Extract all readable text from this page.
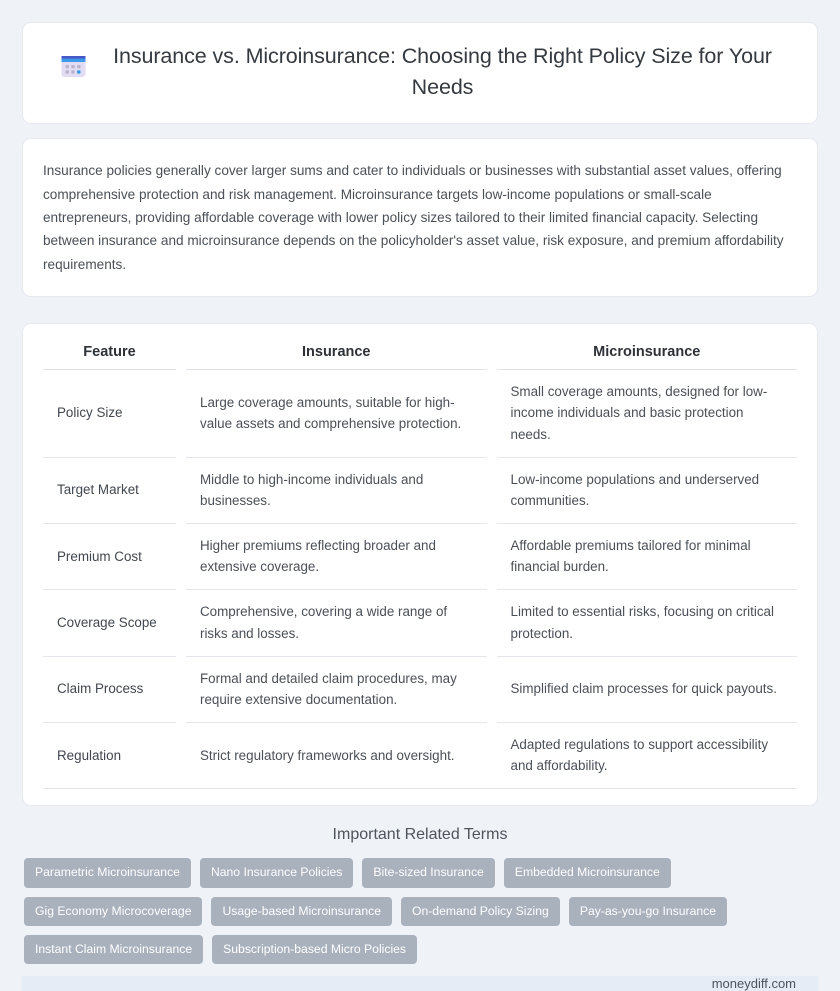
Insurance vs. Microinsurance: Choosing the Right Policy Size for Your Needs

Insurance policies generally cover larger sums and cater to individuals or businesses with substantial asset values, offering comprehensive protection and risk management. Microinsurance targets low-income populations or small-scale entrepreneurs, providing affordable coverage with lower policy sizes tailored to their limited financial capacity. Selecting between insurance and microinsurance depends on the policyholder's asset value, risk exposure, and premium affordability requirements.

Feature		Insurance		Microinsurance
Policy Size		Large coverage amounts, suitable for high-value assets and comprehensive protection.		Small coverage amounts, designed for low-income individuals and basic protection needs.
Target Market		Middle to high-income individuals and businesses.		Low-income populations and underserved communities.
Premium Cost		Higher premiums reflecting broader and extensive coverage.		Affordable premiums tailored for minimal financial burden.
Coverage Scope		Comprehensive, covering a wide range of risks and losses.		Limited to essential risks, focusing on critical protection.
Claim Process		Formal and detailed claim procedures, may require extensive documentation.		Simplified claim processes for quick payouts.
Regulation		Strict regulatory frameworks and oversight.		Adapted regulations to support accessibility and affordability.
Important Related Terms
Parametric Microinsurance	Nano Insurance Policies	Bite-sized Insurance	Embedded Microinsurance
Gig Economy Microcoverage	Usage-based Microinsurance	On-demand Policy Sizing	Pay-as-you-go Insurance
Instant Claim Microinsurance	Subscription-based Micro Policies
moneydiff.com
